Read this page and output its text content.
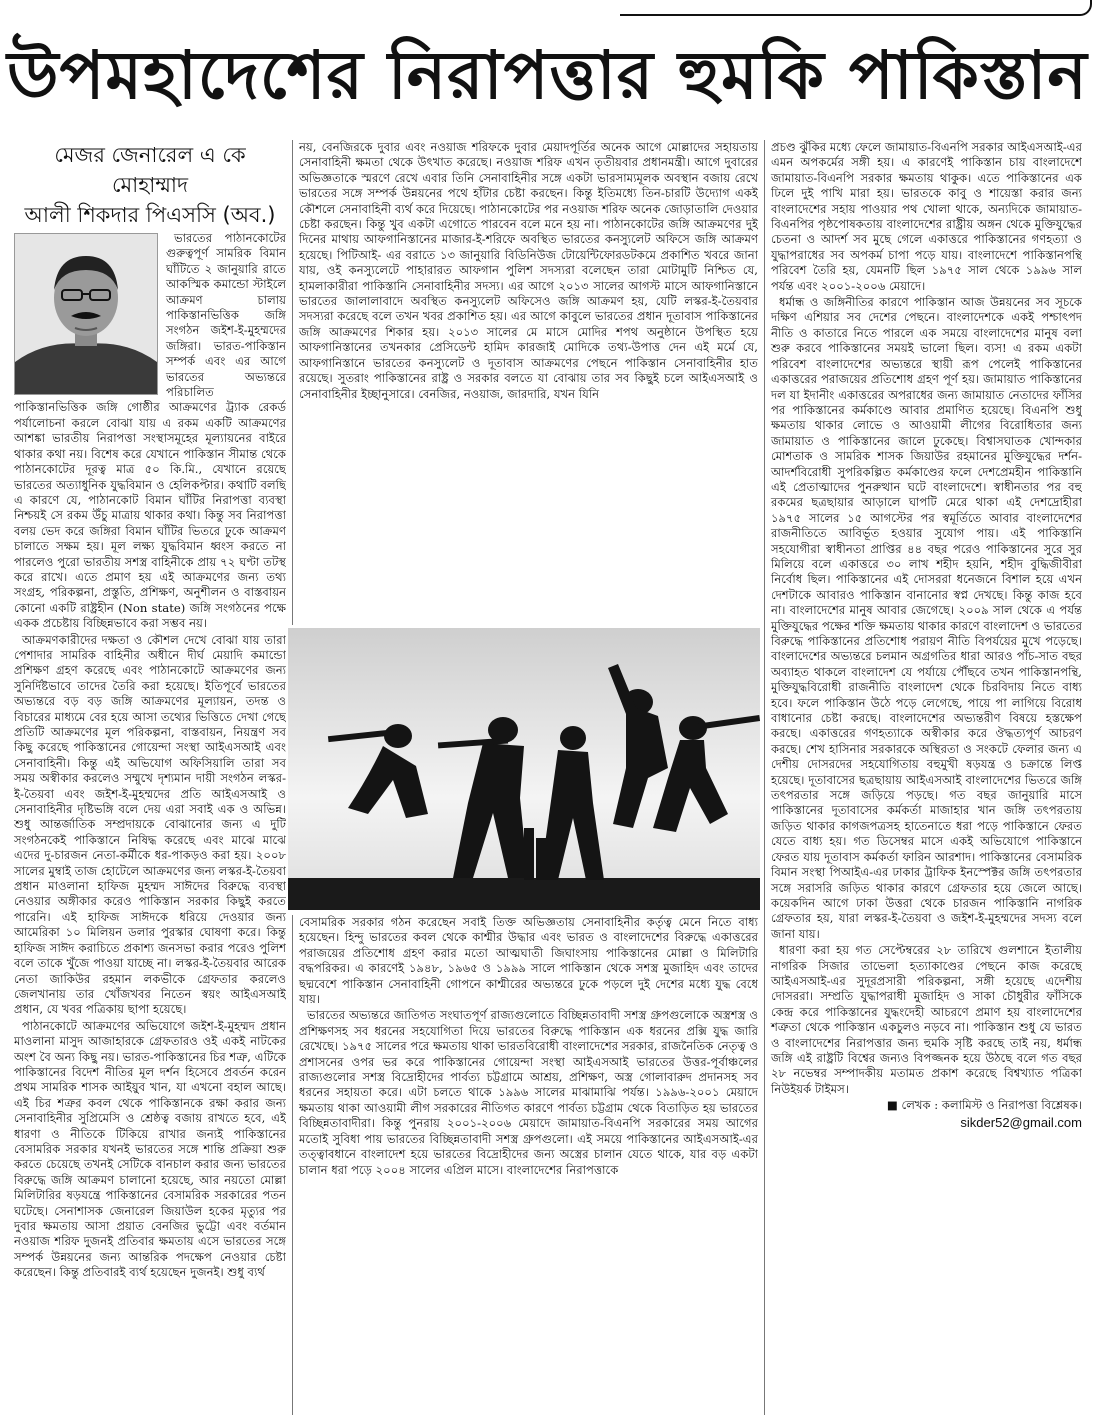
উপমহাদেশের নিরাপত্তার হুমকি পাকিস্তান

মেজর জেনারেল এ কে মোহাম্মাদ
আলী শিকদার পিএসসি (অব.)

ভারতের পাঠানকোটের গুরুত্বপূর্ণ সামরিক বিমান ঘাঁটিতে ২ জানুয়ারি রাতে আকস্মিক কমান্ডো স্টাইলে আক্রমণ চালায় পাকিস্তানভিত্তিক জঙ্গি সংগঠন জইশ-ই-মুহম্মদের জঙ্গিরা। ভারত-পাকিস্তান সম্পর্ক এবং এর আগে ভারতের অভ্যন্তরে পরিচালিত পাকিস্তানভিত্তিক জঙ্গি গোষ্ঠীর আক্রমণের ট্র্যাক রেকর্ড পর্যালোচনা করলে বোঝা যায় এ রকম একটি আক্রমণের আশঙ্কা ভারতীয় নিরাপত্তা সংস্থাসমূহের মূল্যায়নের বাইরে থাকার কথা নয়। বিশেষ করে যেখানে পাকিস্তান সীমান্ত থেকে পাঠানকোটের দূরত্ব মাত্র ৫০ কি.মি., যেখানে রয়েছে ভারতের অত্যাধুনিক যুদ্ধবিমান ও হেলিকপ্টার। কথাটি বলছি এ কারণে যে, পাঠানকোট বিমান ঘাঁটির নিরাপত্তা ব্যবস্থা নিশ্চয়ই সে রকম উঁচু মাত্রায় থাকার কথা। কিন্তু সব নিরাপত্তা বলয় ভেদ করে জঙ্গিরা বিমান ঘাঁটির ভিতরে ঢুকে আক্রমণ চালাতে সক্ষম হয়। মূল লক্ষ্য যুদ্ধবিমান ধ্বংস করতে না পারলেও পুরো ভারতীয় সশস্ত্র বাহিনীকে প্রায় ৭২ ঘণ্টা তটস্থ করে রাখে। এতে প্রমাণ হয় এই আক্রমণের জন্য তথ্য সংগ্রহ, পরিকল্পনা, প্রস্তুতি, প্রশিক্ষণ, অনুশীলন ও বাস্তবায়ন কোনো একটি রাষ্ট্রহীন (Non state) জঙ্গি সংগঠনের পক্ষে একক প্রচেষ্টায় বিচ্ছিন্নভাবে করা সম্ভব নয়।

আক্রমণকারীদের দক্ষতা ও কৌশল দেখে বোঝা যায় তারা পেশাদার সামরিক বাহিনীর অধীনে দীর্ঘ মেয়াদি কমান্ডো প্রশিক্ষণ গ্রহণ করেছে এবং পাঠানকোটে আক্রমণের জন্য সুনির্দিষ্টভাবে তাদের তৈরি করা হয়েছে। ইতিপূর্বে ভারতের অভ্যন্তরে বড় বড় জঙ্গি আক্রমণের মূল্যায়ন, তদন্ত ও বিচারের মাধ্যমে বের হয়ে আসা তথ্যের ভিত্তিতে দেখা গেছে প্রতিটি আক্রমণের মূল পরিকল্পনা, বাস্তবায়ন, নিয়ন্ত্রণ সব কিছু করেছে পাকিস্তানের গোয়েন্দা সংস্থা আইএসআই এবং সেনাবাহিনী। কিন্তু এই অভিযোগ অফিসিয়ালি তারা সব সময় অস্বীকার করলেও সম্মুখে দৃশ্যমান দায়ী সংগঠন লস্কর-ই-তৈয়বা এবং জইশ-ই-মুহম্মদের প্রতি আইএসআই ও সেনাবাহিনীর দৃষ্টিভঙ্গি বলে দেয় এরা সবাই এক ও অভিন্ন। শুধু আন্তর্জাতিক সম্প্রদায়কে বোঝানোর জন্য এ দুটি সংগঠনকেই পাকিস্তানে নিষিদ্ধ করেছে এবং মাঝে মাঝে এদের দু-চারজন নেতা-কর্মীকে ধর-পাকড়ও করা হয়। ২০০৮ সালের মুম্বাই তাজ হোটেলে আক্রমণের জন্য লস্কর-ই-তৈয়বা প্রধান মাওলানা হাফিজ মুহম্মদ সাঈদের বিরুদ্ধে ব্যবস্থা নেওয়ার অঙ্গীকার করেও পাকিস্তান সরকার কিছুই করতে পারেনি। এই হাফিজ সাঈদকে ধরিয়ে দেওয়ার জন্য আমেরিকা ১০ মিলিয়ন ডলার পুরস্কার ঘোষণা করে। কিন্তু হাফিজ সাঈদ করাচিতে প্রকাশ্য জনসভা করার পরেও পুলিশ বলে তাকে খুঁজে পাওয়া যাচ্ছে না। লস্কর-ই-তৈয়বার আরেক নেতা জাকিউর রহমান লকভীকে গ্রেফতার করলেও জেলখানায় তার খোঁজখবর নিতেন স্বয়ং আইএসআই প্রধান, যে খবর পত্রিকায় ছাপা হয়েছে।

পাঠানকোটে আক্রমণের অভিযোগে জইশ-ই-মুহম্মদ প্রধান মাওলানা মাসুদ আজাহারকে গ্রেফতারও ওই একই নাটকের অংশ বৈ অন্য কিছু নয়। ভারত-পাকিস্তানের চির শত্রু, এটিকে পাকিস্তানের বিদেশ নীতির মূল দর্শন হিসেবে প্রবর্তন করেন প্রথম সামরিক শাসক আইয়ুব খান, যা এখনো বহাল আছে। এই চির শত্রুর কবল থেকে পাকিস্তানকে রক্ষা করার জন্য সেনাবাহিনীর সুপ্রিমেসি ও শ্রেষ্ঠত্ব বজায় রাখতে হবে, এই ধারণা ও নীতিকে টিকিয়ে রাখার জন্যই পাকিস্তানের বেসামরিক সরকার যখনই ভারতের সঙ্গে শান্তি প্রক্রিয়া শুরু করতে চেয়েছে তখনই সেটিকে বানচাল করার জন্য ভারতের বিরুদ্ধে জঙ্গি আক্রমণ চালানো হয়েছে, আর নয়তো মোল্লা মিলিটারির ষড়যন্ত্রে পাকিস্তানের বেসামরিক সরকারের পতন ঘটেছে। সেনাশাসক জেনারেল জিয়াউল হকের মৃত্যুর পর দুবার ক্ষমতায় আসা প্রয়াত বেনজির ভুট্টো এবং বর্তমান নওয়াজ শরিফ দুজনই প্রতিবার ক্ষমতায় এসে ভারতের সঙ্গে সম্পর্ক উন্নয়নের জন্য আন্তরিক পদক্ষেপ নেওয়ার চেষ্টা করেছেন। কিন্তু প্রতিবারই ব্যর্থ হয়েছেন দুজনই। শুধু ব্যর্থ

নয়, বেনজিরকে দুবার এবং নওয়াজ শরিফকে দুবার মেয়াদপূর্তির অনেক আগে মোল্লাদের সহায়তায় সেনাবাহিনী ক্ষমতা থেকে উৎখাত করেছে। নওয়াজ শরিফ এখন তৃতীয়বার প্রধানমন্ত্রী। আগে দুবারের অভিজ্ঞতাকে স্মরণে রেখে এবার তিনি সেনাবাহিনীর সঙ্গে একটা ভারসাম্যমূলক অবস্থান বজায় রেখে ভারতের সঙ্গে সম্পর্ক উন্নয়নের পথে হাঁটার চেষ্টা করছেন। কিন্তু ইতিমধ্যে তিন-চারটি উদ্যোগ একই কৌশলে সেনাবাহিনী ব্যর্থ করে দিয়েছে। পাঠানকোটের পর নওয়াজ শরিফ অনেক জোড়াতালি দেওয়ার চেষ্টা করছেন। কিন্তু খুব একটা এগোতে পারবেন বলে মনে হয় না। পাঠানকোটের জঙ্গি আক্রমণের দুই দিনের মাথায় আফগানিস্তানের মাজার-ই-শরিফে অবস্থিত ভারতের কনস্যুলেট অফিসে জঙ্গি আক্রমণ হয়েছে। পিটিআই- এর বরাতে ১৩ জানুয়ারি বিডিনিউজ টোয়েন্টিফোরডটকমে প্রকাশিত খবরে জানা যায়, ওই কনস্যুলেটে পাহারারত আফগান পুলিশ সদস্যরা বলেছেন তারা মোটামুটি নিশ্চিত যে, হামলাকারীরা পাকিস্তানি সেনাবাহিনীর সদস্য। এর আগে ২০১৩ সালের আগস্ট মাসে আফগানিস্তানে ভারতের জালালাবাদে অবস্থিত কনস্যুলেট অফিসেও জঙ্গি আক্রমণ হয়, যেটি লস্কর-ই-তৈয়বার সদস্যরা করেছে বলে তখন খবর প্রকাশিত হয়। এর আগে কাবুলে ভারতের প্রধান দূতাবাস পাকিস্তানের জঙ্গি আক্রমণের শিকার হয়। ২০১৩ সালের মে মাসে মোদির শপথ অনুষ্ঠানে উপস্থিত হয়ে আফগানিস্তানের তখনকার প্রেসিডেন্ট হামিদ কারজাই মোদিকে তথ্য-উপাত্ত দেন এই মর্মে যে, আফগানিস্তানে ভারতের কনস্যুলেট ও দূতাবাস আক্রমণের পেছনে পাকিস্তান সেনাবাহিনীর হাত রয়েছে। সুতরাং পাকিস্তানের রাষ্ট্র ও সরকার বলতে যা বোঝায় তার সব কিছুই চলে আইএসআই ও সেনাবাহিনীর ইচ্ছানুসারে। বেনজির, নওয়াজ, জারদারি, যখন যিনি

বেসামরিক সরকার গঠন করেছেন সবাই তিক্ত অভিজ্ঞতায় সেনাবাহিনীর কর্তৃত্ব মেনে নিতে বাধ্য হয়েছেন। হিন্দু ভারতের কবল থেকে কাশ্মীর উদ্ধার এবং ভারত ও বাংলাদেশের বিরুদ্ধে একাত্তরের পরাজয়ের প্রতিশোধ গ্রহণ করার মতো আত্মঘাতী জিঘাংসায় পাকিস্তানের মোল্লা ও মিলিটারি বদ্ধপরিকর। এ কারণেই ১৯৪৮, ১৯৬৫ ও ১৯৯৯ সালে পাকিস্তান থেকে সশস্ত্র মুজাহিদ এবং তাদের ছদ্মবেশে পাকিস্তান সেনাবাহিনী গোপনে কাশ্মীরের অভ্যন্তরে ঢুকে পড়লে দুই দেশের মধ্যে যুদ্ধ বেধে যায়।

ভারতের অভ্যন্তরে জাতিগত সংঘাতপূর্ণ রাজ্যগুলোতে বিচ্ছিন্নতাবাদী সশস্ত্র গ্রুপগুলোকে অস্ত্রশস্ত্র ও প্রশিক্ষণসহ সব ধরনের সহযোগিতা দিয়ে ভারতের বিরুদ্ধে পাকিস্তান এক ধরনের প্রক্সি যুদ্ধ জারি রেখেছে। ১৯৭৫ সালের পরে ক্ষমতায় থাকা ভারতবিরোধী বাংলাদেশের সরকার, রাজনৈতিক নেতৃত্ব ও প্রশাসনের ওপর ভর করে পাকিস্তানের গোয়েন্দা সংস্থা আইএসআই ভারতের উত্তর-পূর্বাঞ্চলের রাজ্যগুলোর সশস্ত্র বিদ্রোহীদের পার্বত্য চট্টগ্রামে আশ্রয়, প্রশিক্ষণ, অস্ত্র গোলাবারুদ প্রদানসহ সব ধরনের সহায়তা করে। এটা চলতে থাকে ১৯৯৬ সালের মাঝামাঝি পর্যন্ত। ১৯৯৬-২০০১ মেয়াদে ক্ষমতায় থাকা আওয়ামী লীগ সরকারের নীতিগত কারণে পার্বত্য চট্টগ্রাম থেকে বিতাড়িত হয় ভারতের বিচ্ছিন্নতাবাদীরা। কিন্তু পুনরায় ২০০১-২০০৬ মেয়াদে জামায়াত-বিএনপি সরকারের সময় আগের মতোই সুবিধা পায় ভারতের বিচ্ছিন্নতাবাদী সশস্ত্র গ্রুপগুলো। এই সময়ে পাকিস্তানের আইএসআই-এর তত্ত্বাবধানে বাংলাদেশ হয়ে ভারতের বিদ্রোহীদের জন্য অস্ত্রের চালান যেতে থাকে, যার বড় একটা চালান ধরা পড়ে ২০০৪ সালের এপ্রিল মাসে। বাংলাদেশের নিরাপত্তাকে

প্রচণ্ড ঝুঁকির মধ্যে ফেলে জামায়াত-বিএনপি সরকার আইএসআই-এর এমন অপকর্মের সঙ্গী হয়। এ কারণেই পাকিস্তান চায় বাংলাদেশে জামায়াত-বিএনপি সরকার ক্ষমতায় থাকুক। এতে পাকিস্তানের এক ঢিলে দুই পাখি মারা হয়। ভারতকে কাবু ও শায়েস্তা করার জন্য বাংলাদেশের সহায় পাওয়ার পথ খোলা থাকে, অন্যদিকে জামায়াত-বিএনপির পৃষ্ঠপোষকতায় বাংলাদেশের রাষ্ট্রীয় অঙ্গন থেকে মুক্তিযুদ্ধের চেতনা ও আদর্শ সব মুছে গেলে একাত্তরে পাকিস্তানের গণহত্যা ও যুদ্ধাপরাধের সব অপকর্ম চাপা পড়ে যায়। বাংলাদেশে পাকিস্তানপন্থি পরিবেশ তৈরি হয়, যেমনটি ছিল ১৯৭৫ সাল থেকে ১৯৯৬ সাল পর্যন্ত এবং ২০০১-২০০৬ মেয়াদে।

ধর্মান্ধ ও জঙ্গিনীতির কারণে পাকিস্তান আজ উন্নয়নের সব সূচকে দক্ষিণ এশিয়ার সব দেশের পেছনে। বাংলাদেশকে একই পশ্চাৎপদ নীতি ও কাতারে নিতে পারলে এক সময়ে বাংলাদেশের মানুষ বলা শুরু করবে পাকিস্তানের সময়ই ভালো ছিল। ব্যস! এ রকম একটা পরিবেশ বাংলাদেশের অভ্যন্তরে স্থায়ী রূপ পেলেই পাকিস্তানের একাত্তরের পরাজয়ের প্রতিশোধ গ্রহণ পূর্ণ হয়। জামায়াত পাকিস্তানের দল যা ইদানীং একাত্তরের অপরাধের জন্য জামায়াত নেতাদের ফাঁসির পর পাকিস্তানের কর্মকাণ্ডে আবার প্রমাণিত হয়েছে। বিএনপি শুধু ক্ষমতায় থাকার লোভে ও আওয়ামী লীগের বিরোধিতার জন্য জামায়াত ও পাকিস্তানের জালে ঢুকেছে। বিশ্বাসঘাতক খোন্দকার মোশতাক ও সামরিক শাসক জিয়াউর রহমানের মুক্তিযুদ্ধের দর্শন-আদর্শবিরোধী সুপরিকল্পিত কর্মকাণ্ডের ফলে দেশপ্রেমহীন পাকিস্তানি এই প্রেতাত্মাদের পুনরুত্থান ঘটে বাংলাদেশে। স্বাধীনতার পর বহু রকমের ছত্রছায়ার আড়ালে ঘাপটি মেরে থাকা এই দেশদ্রোহীরা ১৯৭৫ সালের ১৫ আগস্টের পর স্বমূর্তিতে আবার বাংলাদেশের রাজনীতিতে আবির্ভূত হওয়ার সুযোগ পায়। এই পাকিস্তানি সহযোগীরা স্বাধীনতা প্রাপ্তির ৪৪ বছর পরেও পাকিস্তানের সুরে সুর মিলিয়ে বলে একাত্তরে ৩০ লাখ শহীদ হয়নি, শহীদ বুদ্ধিজীবীরা নির্বোধ ছিল। পাকিস্তানের এই দোসররা ধনেজনে বিশাল হয়ে এখন দেশটাকে আবারও পাকিস্তান বানানোর স্বপ্ন দেখছে। কিন্তু কাজ হবে না। বাংলাদেশের মানুষ আবার জেগেছে। ২০০৯ সাল থেকে এ পর্যন্ত মুক্তিযুদ্ধের পক্ষের শক্তি ক্ষমতায় থাকার কারণে বাংলাদেশ ও ভারতের বিরুদ্ধে পাকিস্তানের প্রতিশোধ পরায়ণ নীতি বিপর্যয়ের মুখে পড়েছে। বাংলাদেশের অভ্যন্তরে চলমান অগ্রগতির ধারা আরও পাঁচ-সাত বছর অব্যাহত থাকলে বাংলাদেশ যে পর্যায়ে পৌঁছবে তখন পাকিস্তানপন্থি, মুক্তিযুদ্ধবিরোধী রাজনীতি বাংলাদেশ থেকে চিরবিদায় নিতে বাধ্য হবে। ফলে পাকিস্তান উঠে পড়ে লেগেছে, পায়ে পা লাগিয়ে বিরোধ বাধানোর চেষ্টা করছে। বাংলাদেশের অভ্যন্তরীণ বিষয়ে হস্তক্ষেপ করছে। একাত্তরের গণহত্যাকে অস্বীকার করে ঔদ্ধত্যপূর্ণ আচরণ করছে। শেখ হাসিনার সরকারকে অস্থিরতা ও সংকটে ফেলার জন্য এ দেশীয় দোসরদের সহযোগিতায় বহুমুখী ষড়যন্ত্র ও চক্রান্তে লিপ্ত হয়েছে। দূতাবাসের ছত্রছায়ায় আইএসআই বাংলাদেশের ভিতরে জঙ্গি তৎপরতার সঙ্গে জড়িয়ে পড়ছে। গত বছর জানুয়ারি মাসে পাকিস্তানের দূতাবাসের কর্মকর্তা মাজাহার খান জঙ্গি তৎপরতায় জড়িত থাকার কাগজপত্রসহ হাতেনাতে ধরা পড়ে পাকিস্তানে ফেরত যেতে বাধ্য হয়। গত ডিসেম্বর মাসে একই অভিযোগে পাকিস্তানে ফেরত যায় দূতাবাস কর্মকর্তা ফারিন আরশাদ। পাকিস্তানের বেসামরিক বিমান সংস্থা পিআইএ-এর ঢাকার ট্রাফিক ইনস্পেক্টর জঙ্গি তৎপরতার সঙ্গে সরাসরি জড়িত থাকার কারণে গ্রেফতার হয়ে জেলে আছে। কয়েকদিন আগে ঢাকা উত্তরা থেকে চারজন পাকিস্তানি নাগরিক গ্রেফতার হয়, যারা লস্কর-ই-তৈয়বা ও জইশ-ই-মুহম্মদের সদস্য বলে জানা যায়।

ধারণা করা হয় গত সেপ্টেম্বরের ২৮ তারিখে গুলশানে ইতালীয় নাগরিক সিজার তাভেলা হত্যাকাণ্ডের পেছনে কাজ করেছে আইএসআই-এর সুদূরপ্রসারী পরিকল্পনা, সঙ্গী হয়েছে এদেশীয় দোসররা। সম্প্রতি যুদ্ধাপরাধী মুজাহিদ ও সাকা চৌধুরীর ফাঁসিকে কেন্দ্র করে পাকিস্তানের যুদ্ধংদেহী আচরণে প্রমাণ হয় বাংলাদেশের শত্রুতা থেকে পাকিস্তান একচুলও নড়বে না। পাকিস্তান শুধু যে ভারত ও বাংলাদেশের নিরাপত্তার জন্য হুমকি সৃষ্টি করছে তাই নয়, ধর্মান্ধ জঙ্গি এই রাষ্ট্রটি বিশ্বের জন্যও বিপজ্জনক হয়ে উঠছে বলে গত বছর ২৮ নভেম্বর সম্পাদকীয় মতামত প্রকাশ করেছে বিশ্বখ্যাত পত্রিকা নিউইয়র্ক টাইমস।

■ লেখক : কলামিস্ট ও নিরাপত্তা বিশ্লেষক।

sikder52@gmail.com
